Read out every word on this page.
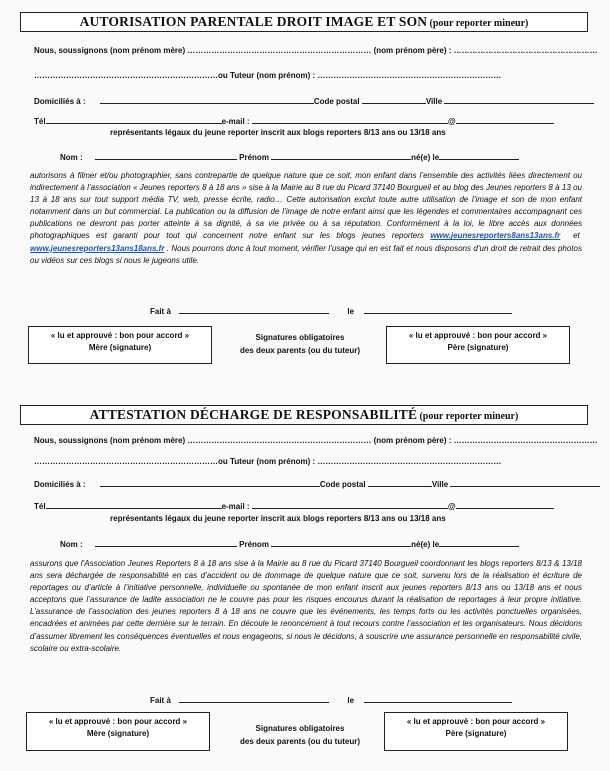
AUTORISATION PARENTALE DROIT IMAGE ET SON (pour reporter mineur)
Nous, soussignons (nom prénom mère) …………………………………………………………… (nom prénom père) : ………………………………………………
……………………………………………………………ou Tuteur (nom prénom) : ……………………………………………………………
Domiciliés à :	Code postal	Ville
Tél	e-mail :	@
représentants légaux du jeune reporter inscrit aux blogs reporters 8/13 ans ou 13/18 ans
Nom :	Prénom	né(e) le
autorisons à filmer et/ou photographier, sans contrepartie de quelque nature que ce soit, mon enfant dans l’ensemble des activités liées directement ou indirectement à l’association « Jeunes reporters 8 à 18 ans » sise à la Mairie au 8 rue du Picard 37140 Bourgueil et au blog des Jeunes reporters 8 à 13 ou 13 à 18 ans sur tout support média TV, web, presse écrite, radio… Cette autorisation exclut toute autre utilisation de l’image et son de mon enfant notamment dans un but commercial. La publication ou la diffusion de l’image de notre enfant ainsi que les légendes et commentaires accompagnant ces publications ne devront pas porter atteinte à sa dignité, à sa vie privée ou à sa réputation. Conformément à la loi, le libre accès aux données photographiques est garanti pour tout qui concernent notre enfant sur les blogs jeunes reporters www.jeunesreporters8ans13ans.fr et  www.jeunesreporters13ans18ans.fr . Nous pourrons donc à tout moment, vérifier l’usage qui en est fait et nous disposons d’un droit de retrait des photos ou vidéos sur ces blogs si nous le jugeons utile.
Fait à	le
« lu et approuvé : bon pour accord »
Mère (signature)
Signatures obligatoires
des deux parents (ou du tuteur)
« lu et approuvé : bon pour accord »
Père (signature)
ATTESTATION DÉCHARGE DE RESPONSABILITÉ (pour reporter mineur)
Nous, soussignons (nom prénom mère) …………………………………………………………… (nom prénom père) : ………………………………………………
……………………………………………………………ou Tuteur (nom prénom) : ……………………………………………………………
Domiciliés à :	Code postal	Ville
Tél	e-mail :	@
représentants légaux du jeune reporter inscrit aux blogs reporters 8/13 ans ou 13/18 ans
Nom :	Prénom	né(e) le
assurons que l’Association Jeunes Reporters 8 à 18 ans sise à la Mairie au 8 rue du Picard 37140 Bourgueil coordonnant les blogs reporters 8/13 & 13/18 ans sera déchargée de responsabilité en cas d’accident ou de dommage de quelque nature que ce soit, survenu lors de la réalisation et écriture de reportages ou d’article à l’initiative personnelle, individuelle ou spontanée de mon enfant inscrit aux jeunes reporters 8/13 ans ou 13/18 ans et nous acceptons que l’assurance de ladite association ne le couvre pas pour les risques encourus durant la réalisation de reportages à leur propre initiative. L’assurance de l’association des jeunes reporters 8 à 18 ans ne couvre que les événements, les temps forts ou les activités ponctuelles organisées, encadrées et animées par cette dernière sur le terrain. En découle le renoncement à tout recours contre l’association et les organisateurs. Nous décidons d’assumer librement les conséquences éventuelles et nous engageons, si nous le décidons, à souscrire une assurance personnelle en responsabilité civile, scolaire ou extra-scolaire.
Fait à	le
« lu et approuvé : bon pour accord »
Mère (signature)
Signatures obligatoires
des deux parents (ou du tuteur)
« lu et approuvé : bon pour accord »
Père (signature)
